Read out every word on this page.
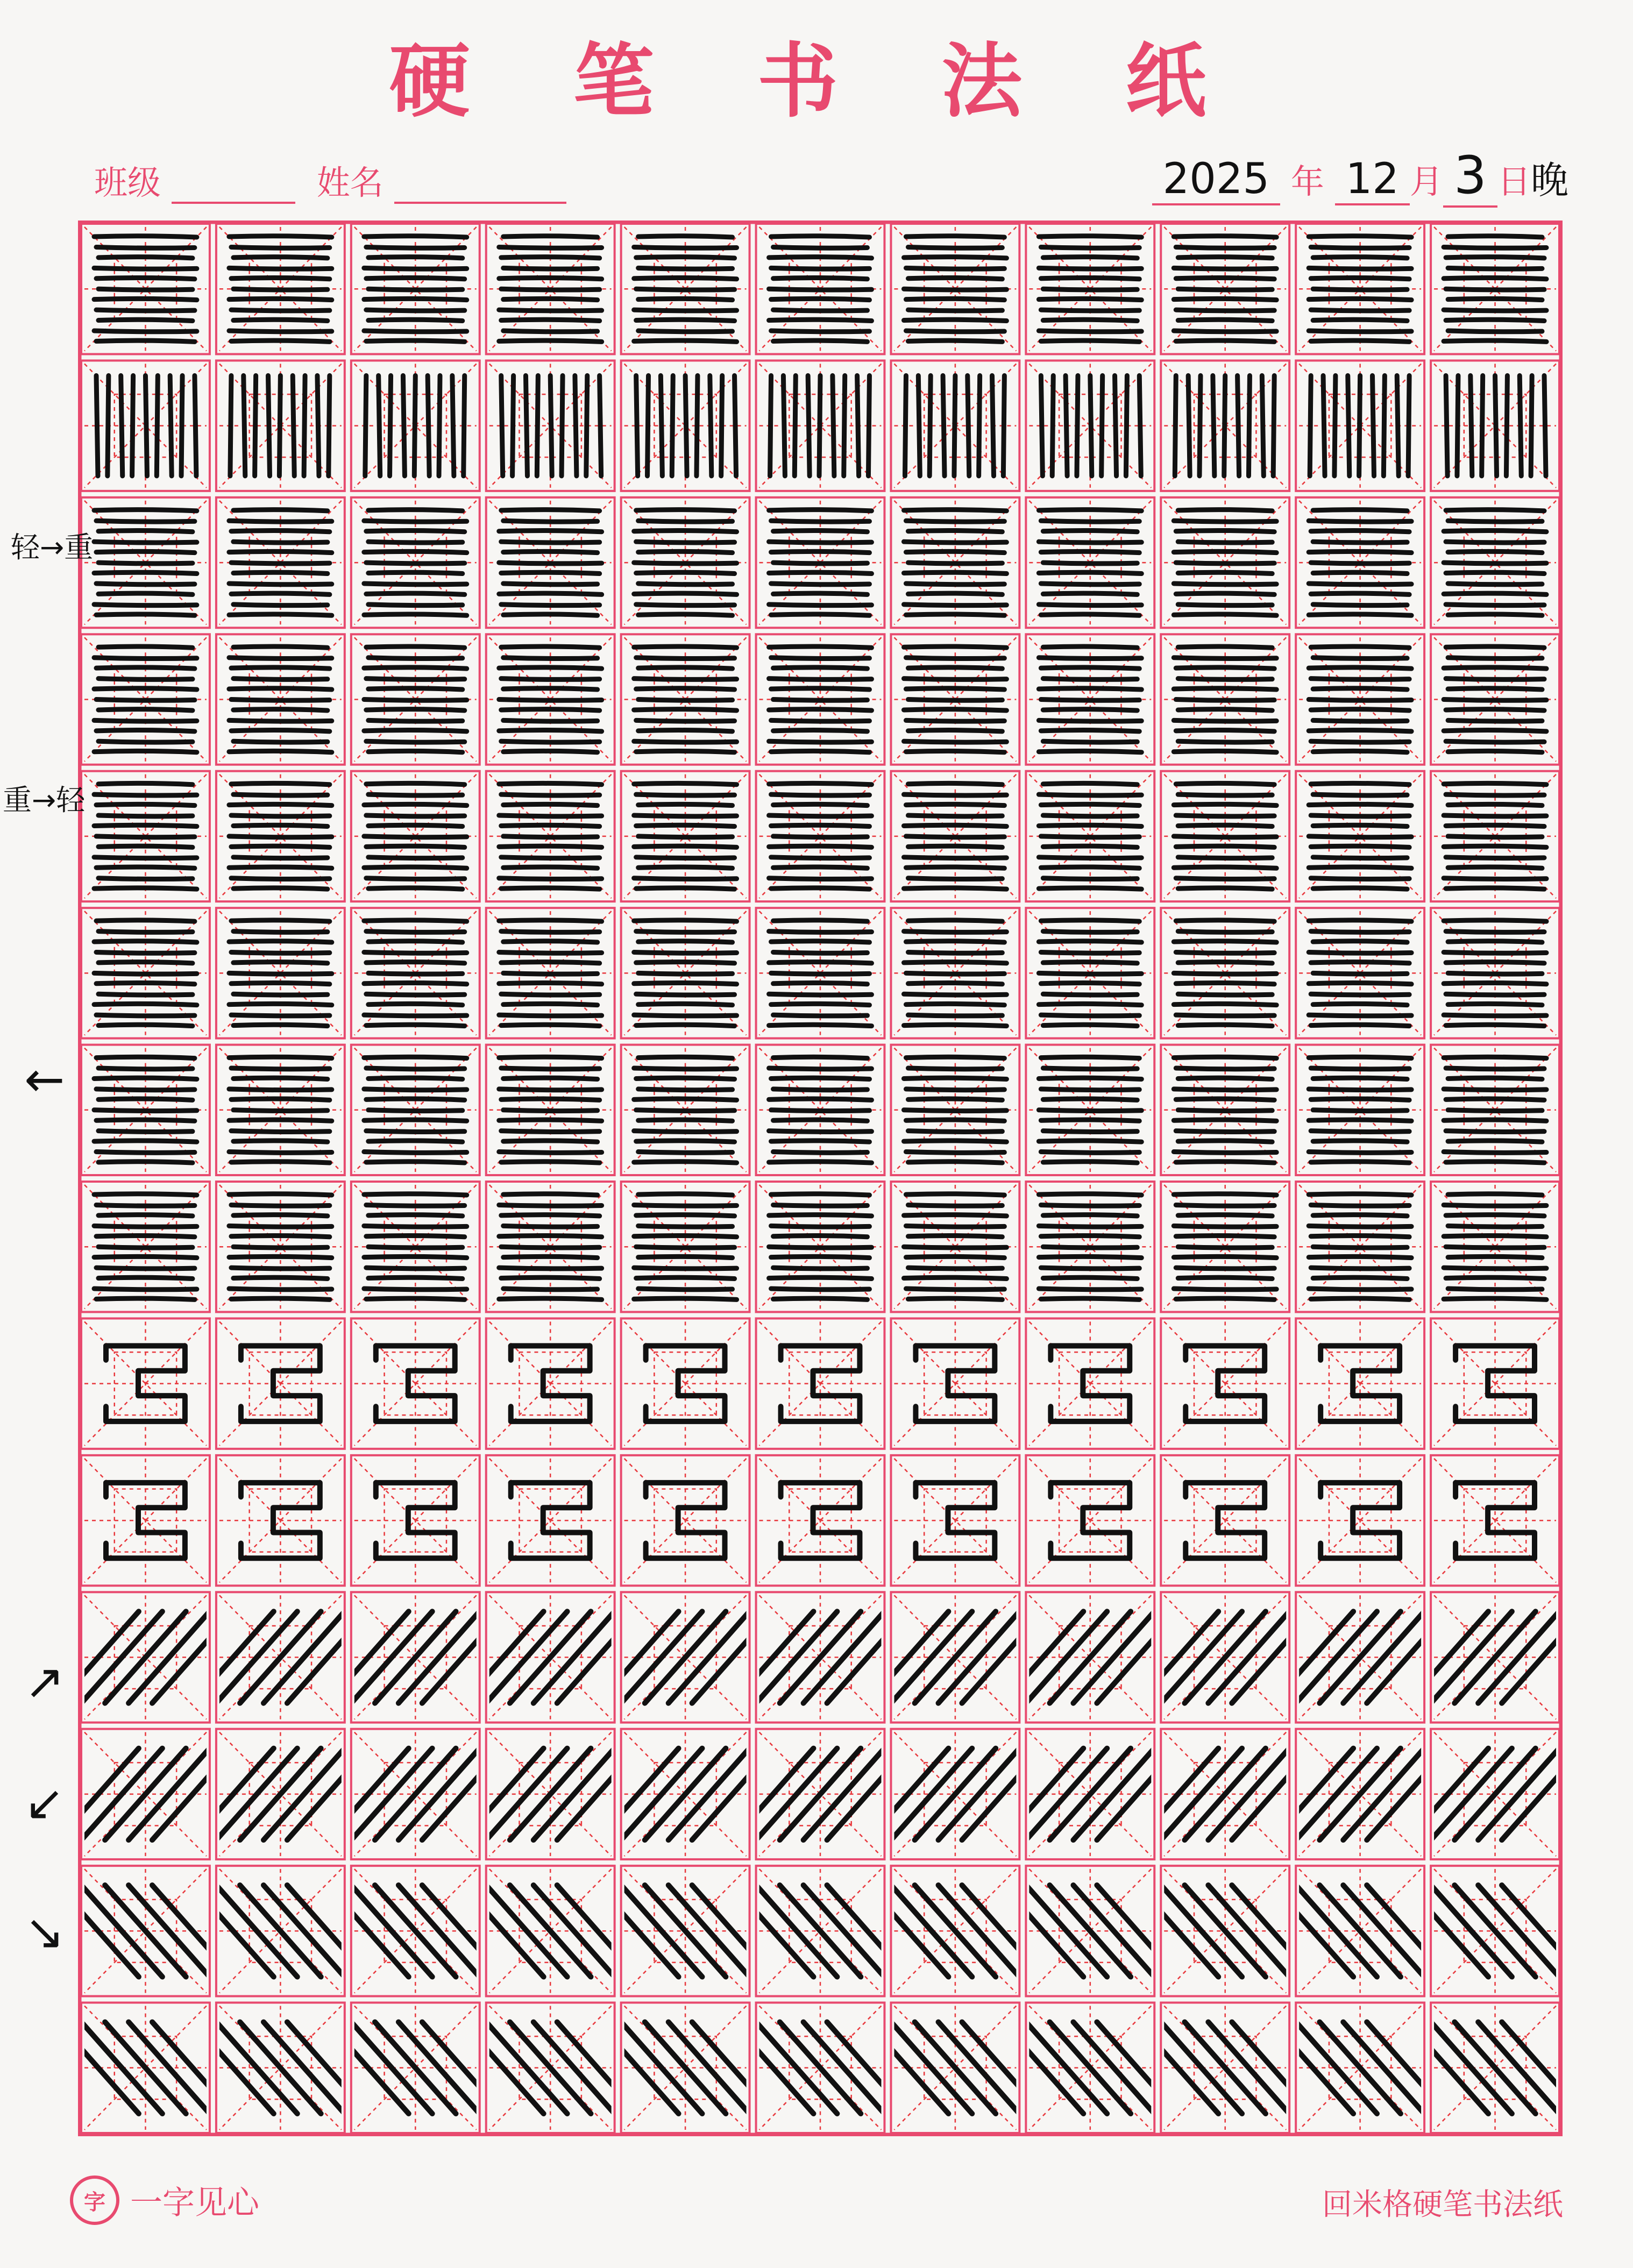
硬 笔 书 法 纸
班级	姓名	2025 年 12 月 3 日晚
轻→重
重→轻
←
↗
↙
↘
字 一字见心	回米格硬笔书法纸
